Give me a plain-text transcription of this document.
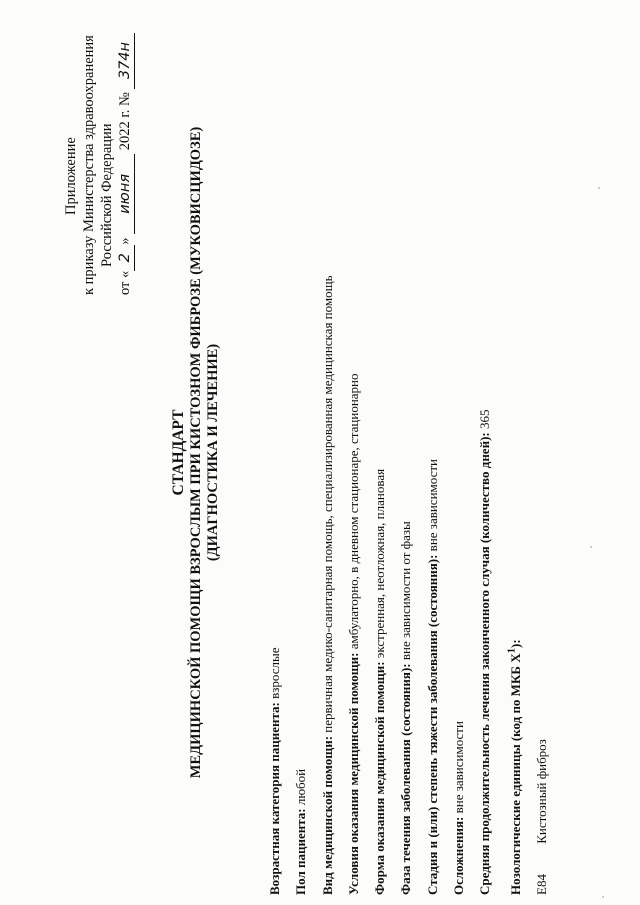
Приложение к приказу Министерства здравоохранения Российской Федерации
от «2» июня 2022 г. № 374н
СТАНДАРТ МЕДИЦИНСКОЙ ПОМОЩИ ВЗРОСЛЫМ ПРИ КИСТОЗНОМ ФИБРОЗЕ (МУКОВИСЦИДОЗЕ) (ДИАГНОСТИКА И ЛЕЧЕНИЕ)
Возрастная категория пациента: взрослые
Пол пациента: любой Вид медицинской помощи: первичная медико-санитарная помощь, специализированная медицинская помощь
Условия оказания медицинской помощи: амбулаторно, в дневном стационаре, стационарно
Форма оказания медицинской помощи: экстренная, неотложная, плановая
Фаза течения заболевания (состояния): вне зависимости от фазы Стадия и (или) степень тяжести заболевания (состояния): вне зависимости
Осложнения: вне зависимости Средняя продолжительность лечения законченного случая (количество дней): 365
Нозологические единицы (код по МКБ $X^1$):
E84 Кистозный фиброз
